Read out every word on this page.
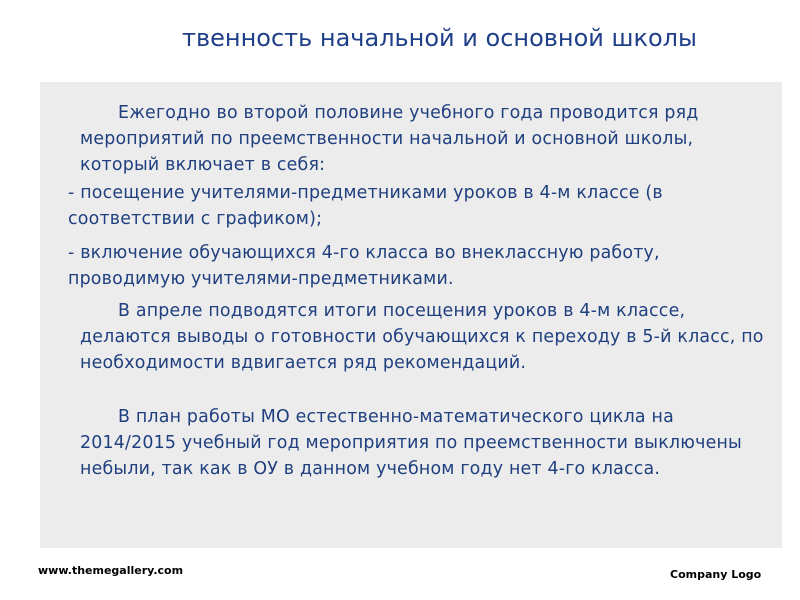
твенность начальной и основной школы

Ежегодно во второй половине учебного года проводится ряд мероприятий по преемственности начальной и основной школы, который включает в себя:

- посещение учителями-предметниками уроков в 4-м классе (в соответствии с графиком);

- включение обучающихся 4-го класса во внеклассную работу, проводимую учителями-предметниками.

В апреле подводятся итоги посещения уроков в 4-м классе, делаются выводы о готовности обучающихся к переходу в 5-й класс, по необходимости вдвигается ряд рекомендаций.

В план работы МО естественно-математического цикла на 2014/2015 учебный год мероприятия по преемственности выключены небыли, так как в ОУ в данном учебном году нет 4-го класса.

www.themegallery.com	Company Logo
